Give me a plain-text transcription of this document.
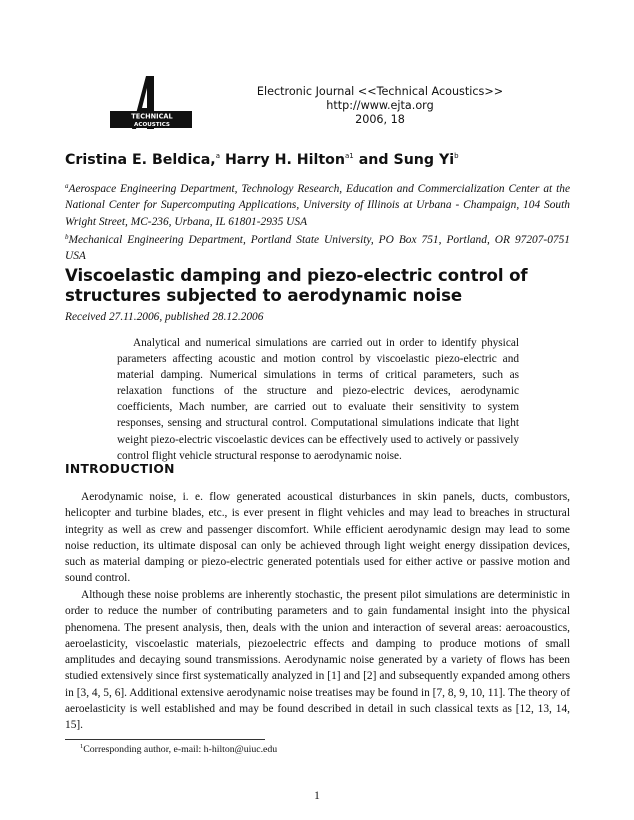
TECHNICAL
ACOUSTICS
A
Electronic Journal <<Technical Acoustics>>
http://www.ejta.org
2006, 18
Cristina E. Beldica,$^a$ Harry H. Hilton$^{a1}$ and Sung Yi$^b$
$^a$Aerospace Engineering Department, Technology Research, Education and Commercialization Center at the National Center for Supercomputing Applications, University of Illinois at Urbana - Champaign, 104 South Wright Street, MC-236, Urbana, IL 61801-2935 USA
$^b$Mechanical Engineering Department, Portland State University, PO Box 751, Portland, OR 97207-0751 USA
Viscoelastic damping and piezo-electric control of structures subjected to aerodynamic noise
Received 27.11.2006, published 28.12.2006
Analytical and numerical simulations are carried out in order to identify physical parameters affecting acoustic and motion control by viscoelastic piezo-electric and material damping. Numerical simulations in terms of critical parameters, such as relaxation functions of the structure and piezo-electric devices, aerodynamic coefficients, Mach number, are carried out to evaluate their sensitivity to system responses, sensing and structural control. Computational simulations indicate that light weight piezo-electric viscoelastic devices can be effectively used to actively or passively control flight vehicle structural response to aerodynamic noise.
INTRODUCTION

Aerodynamic noise, i. e. flow generated acoustical disturbances in skin panels, ducts, combustors, helicopter and turbine blades, etc., is ever present in flight vehicles and may lead to breaches in structural integrity as well as crew and passenger discomfort. While efficient aerodynamic design may lead to some noise reduction, its ultimate disposal can only be achieved through light weight energy dissipation devices, such as material damping or piezo-electric generated potentials used for either active or passive motion and sound control.

Although these noise problems are inherently stochastic, the present pilot simulations are deterministic in order to reduce the number of contributing parameters and to gain fundamental insight into the physical phenomena. The present analysis, then, deals with the union and interaction of several areas: aeroacoustics, aeroelasticity, viscoelastic materials, piezoelectric effects and damping to produce motions of small amplitudes and decaying sound transmissions. Aerodynamic noise generated by a variety of flows has been studied extensively since first systematically analyzed in [1] and [2] and subsequently expanded among others in [3, 4, 5, 6]. Additional extensive aerodynamic noise treatises may be found in [7, 8, 9, 10, 11]. The theory of aeroelasticity is well established and may be found described in detail in such classical texts as [12, 13, 14, 15].

$^1$Corresponding author, e-mail: h-hilton@uiuc.edu
1
